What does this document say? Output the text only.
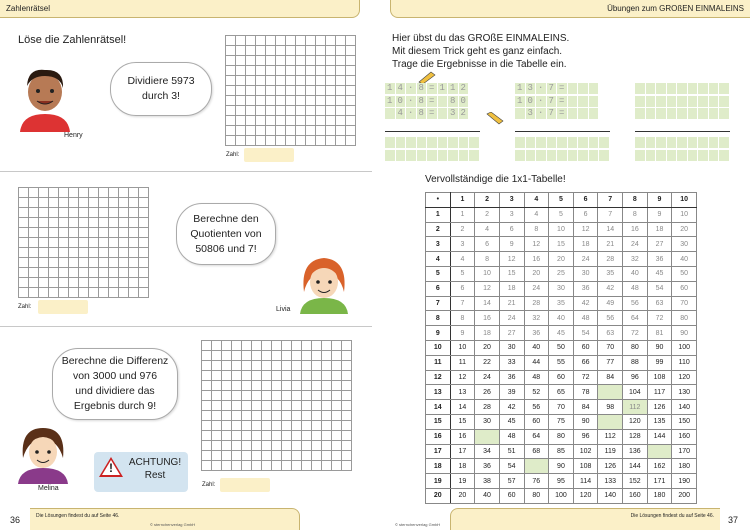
Zahlenrätsel
Löse die Zahlenrätsel!
Henry
Dividiere 5973
durch 3!
Zahl:
Zahl:
Berechne den
Quotienten von
50806 und 7!
Livia
Berechne die Differenz
von 3000 und 976
und dividiere das
Ergebnis durch 9!
Melina
! ACHTUNG!
Rest
Zahl:
36	Die Lösungen findest du auf Seite 46.
© sternchenverlag GmbH
Übungen zum GROßEN EINMALEINS
Hier übst du das GROßE EINMALEINS.
Mit diesem Trick geht es ganz einfach.
Trage die Ergebnisse in die Tabelle ein.
Vervollständige die 1x1-Tabelle!
•	1	2	3	4	5	6	7	8	9	10
1	1	2	3	4	5	6	7	8	9	10
2	2	4	6	8	10	12	14	16	18	20
3	3	6	9	12	15	18	21	24	27	30
4	4	8	12	16	20	24	28	32	36	40
5	5	10	15	20	25	30	35	40	45	50
6	6	12	18	24	30	36	42	48	54	60
7	7	14	21	28	35	42	49	56	63	70
8	8	16	24	32	40	48	56	64	72	80
9	9	18	27	36	45	54	63	72	81	90
10	10	20	30	40	50	60	70	80	90	100
11	11	22	33	44	55	66	77	88	99	110
12	12	24	36	48	60	72	84	96	108	120
13	13	26	39	52	65	78		104	117	130
14	14	28	42	56	70	84	98	112	126	140
15	15	30	45	60	75	90		120	135	150
16	16		48	64	80	96	112	128	144	160
17	17	34	51	68	85	102	119	136		170
18	18	36	54		90	108	126	144	162	180
19	19	38	57	76	95	114	133	152	171	190
20	20	40	60	80	100	120	140	160	180	200
37
Die Lösungen findest du auf Seite 46.
© sternchenverlag GmbH
1 4 · 8 = 1 1 2
1 0 · 8 =	8 0
4 · 8 =	3 2
1 3 · 7 =
1 0 · 7 =
3 · 7 =
